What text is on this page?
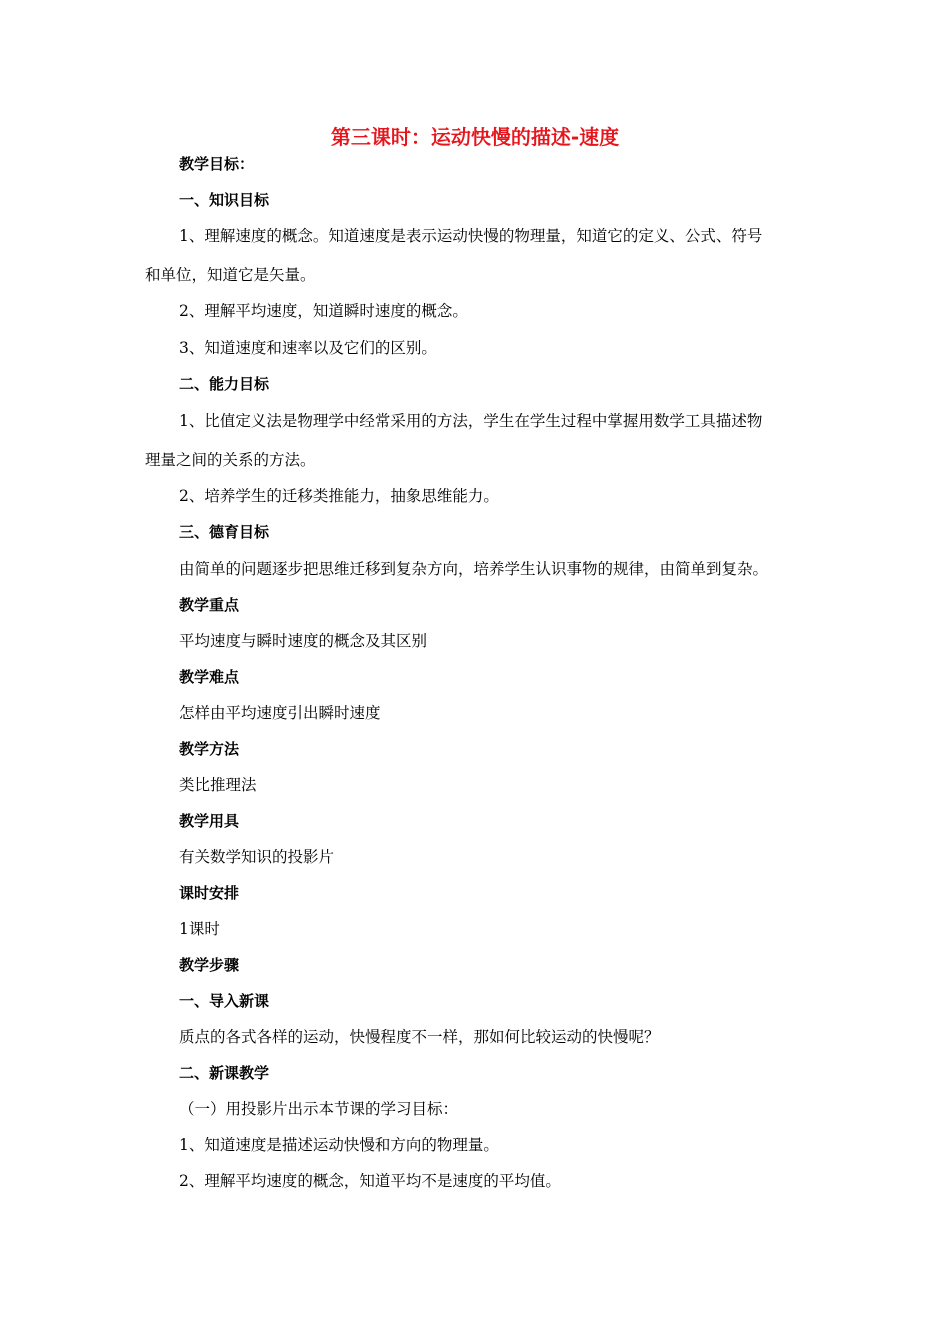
第三课时：运动快慢的描述-速度
教学目标：
一、知识目标
1、理解速度的概念。知道速度是表示运动快慢的物理量，知道它的定义、公式、符号
和单位，知道它是矢量。
2、理解平均速度，知道瞬时速度的概念。
3、知道速度和速率以及它们的区别。
二、能力目标
1、比值定义法是物理学中经常采用的方法，学生在学生过程中掌握用数学工具描述物
理量之间的关系的方法。
2、培养学生的迁移类推能力，抽象思维能力。
三、德育目标
由简单的问题逐步把思维迁移到复杂方向，培养学生认识事物的规律，由简单到复杂。
教学重点
平均速度与瞬时速度的概念及其区别
教学难点
怎样由平均速度引出瞬时速度
教学方法
类比推理法
教学用具
有关数学知识的投影片
课时安排
1课时
教学步骤
一、导入新课
质点的各式各样的运动，快慢程度不一样，那如何比较运动的快慢呢？
二、新课教学
（一）用投影片出示本节课的学习目标：
1、知道速度是描述运动快慢和方向的物理量。
2、理解平均速度的概念，知道平均不是速度的平均值。
